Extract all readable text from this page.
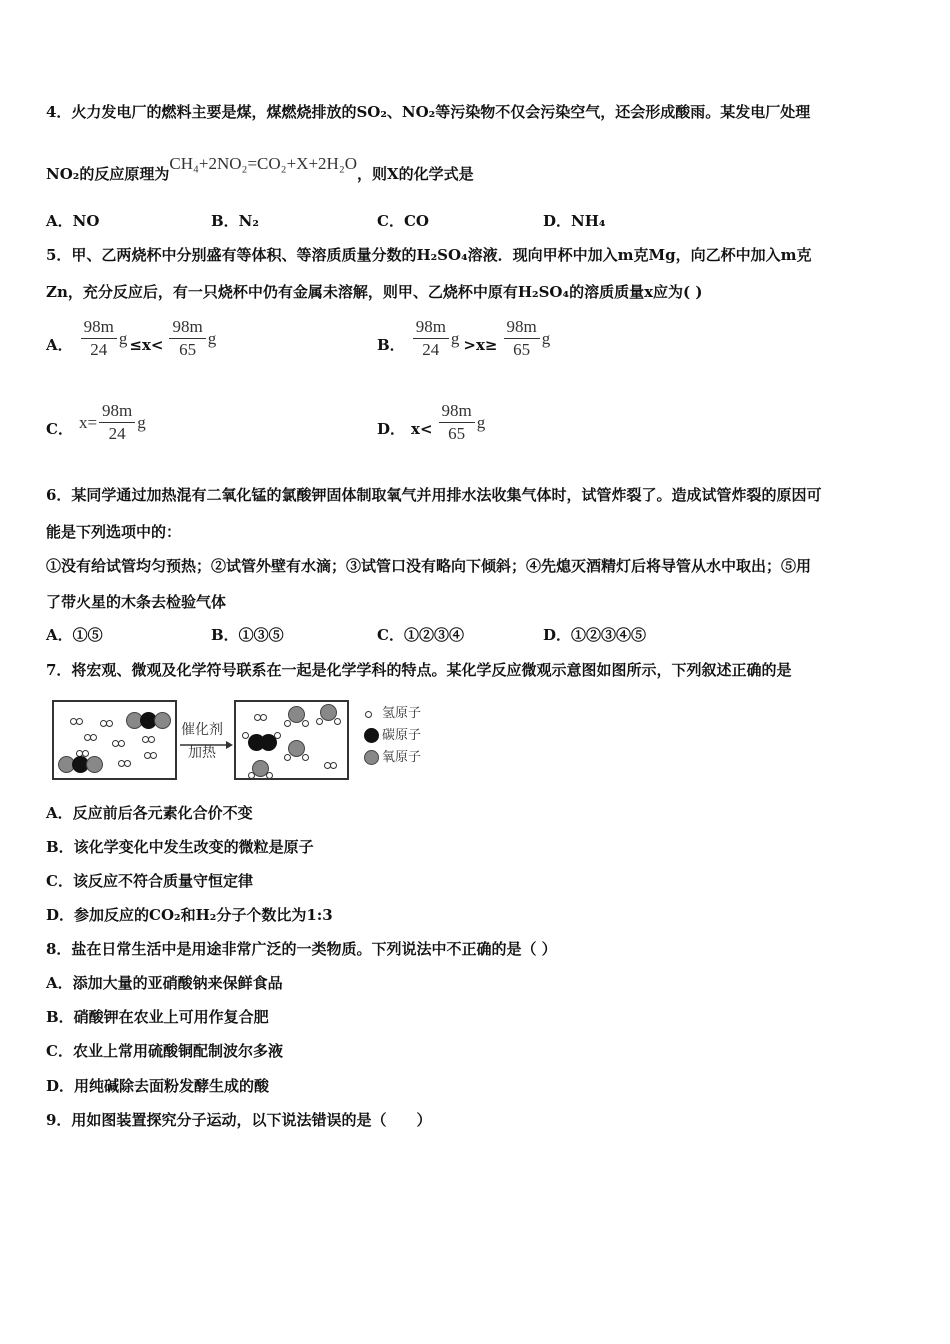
4．火力发电厂的燃料主要是煤，煤燃烧排放的SO₂、NO₂等污染物不仅会污染空气，还会形成酸雨。某发电厂处理
NO₂的反应原理为CH₄+2NO₂=CO₂+X+2H₂O，则X的化学式是
A．NO	B．N₂	C．CO	D．NH₄
5．甲、乙两烧杯中分别盛有等体积、等溶质质量分数的H₂SO₄溶液．现向甲杯中加入m克Mg，向乙杯中加入m克
Zn，充分反应后，有一只烧杯中仍有金属未溶解，则甲、乙烧杯中原有H₂SO₄的溶质质量x应为( )
A． $\frac{98m}{24}$ $g \le x< \frac{98m}{65}$ g	B． $\frac{98m}{24}$ $g >x\ge \frac{98m}{65}$ g
C． $x= \frac{98m}{24}$ g	D． $x< \frac{98m}{65}$ g
6．某同学通过加热混有二氧化锰的氯酸钾固体制取氧气并用排水法收集气体时，试管炸裂了。造成试管炸裂的原因可
能是下列选项中的：
①没有给试管均匀预热；②试管外壁有水滴；③试管口没有略向下倾斜；④先熄灭酒精灯后将导管从水中取出；⑤用
了带火星的木条去检验气体
A．①⑤	B．①③⑤	C．①②③④	D．①②③④⑤
7．将宏观、微观及化学符号联系在一起是化学学科的特点。某化学反应微观示意图如图所示，下列叙述正确的是
催化剂
加热
氢原子
碳原子
氧原子
A．反应前后各元素化合价不变
B．该化学变化中发生改变的微粒是原子
C．该反应不符合质量守恒定律
D．参加反应的CO₂和H₂分子个数比为1:3
8．盐在日常生活中是用途非常广泛的一类物质。下列说法中不正确的是（ ）
A．添加大量的亚硝酸钠来保鲜食品
B．硝酸钾在农业上可用作复合肥
C．农业上常用硫酸铜配制波尔多液
D．用纯碱除去面粉发酵生成的酸
9．用如图装置探究分子运动，以下说法错误的是（　　）
